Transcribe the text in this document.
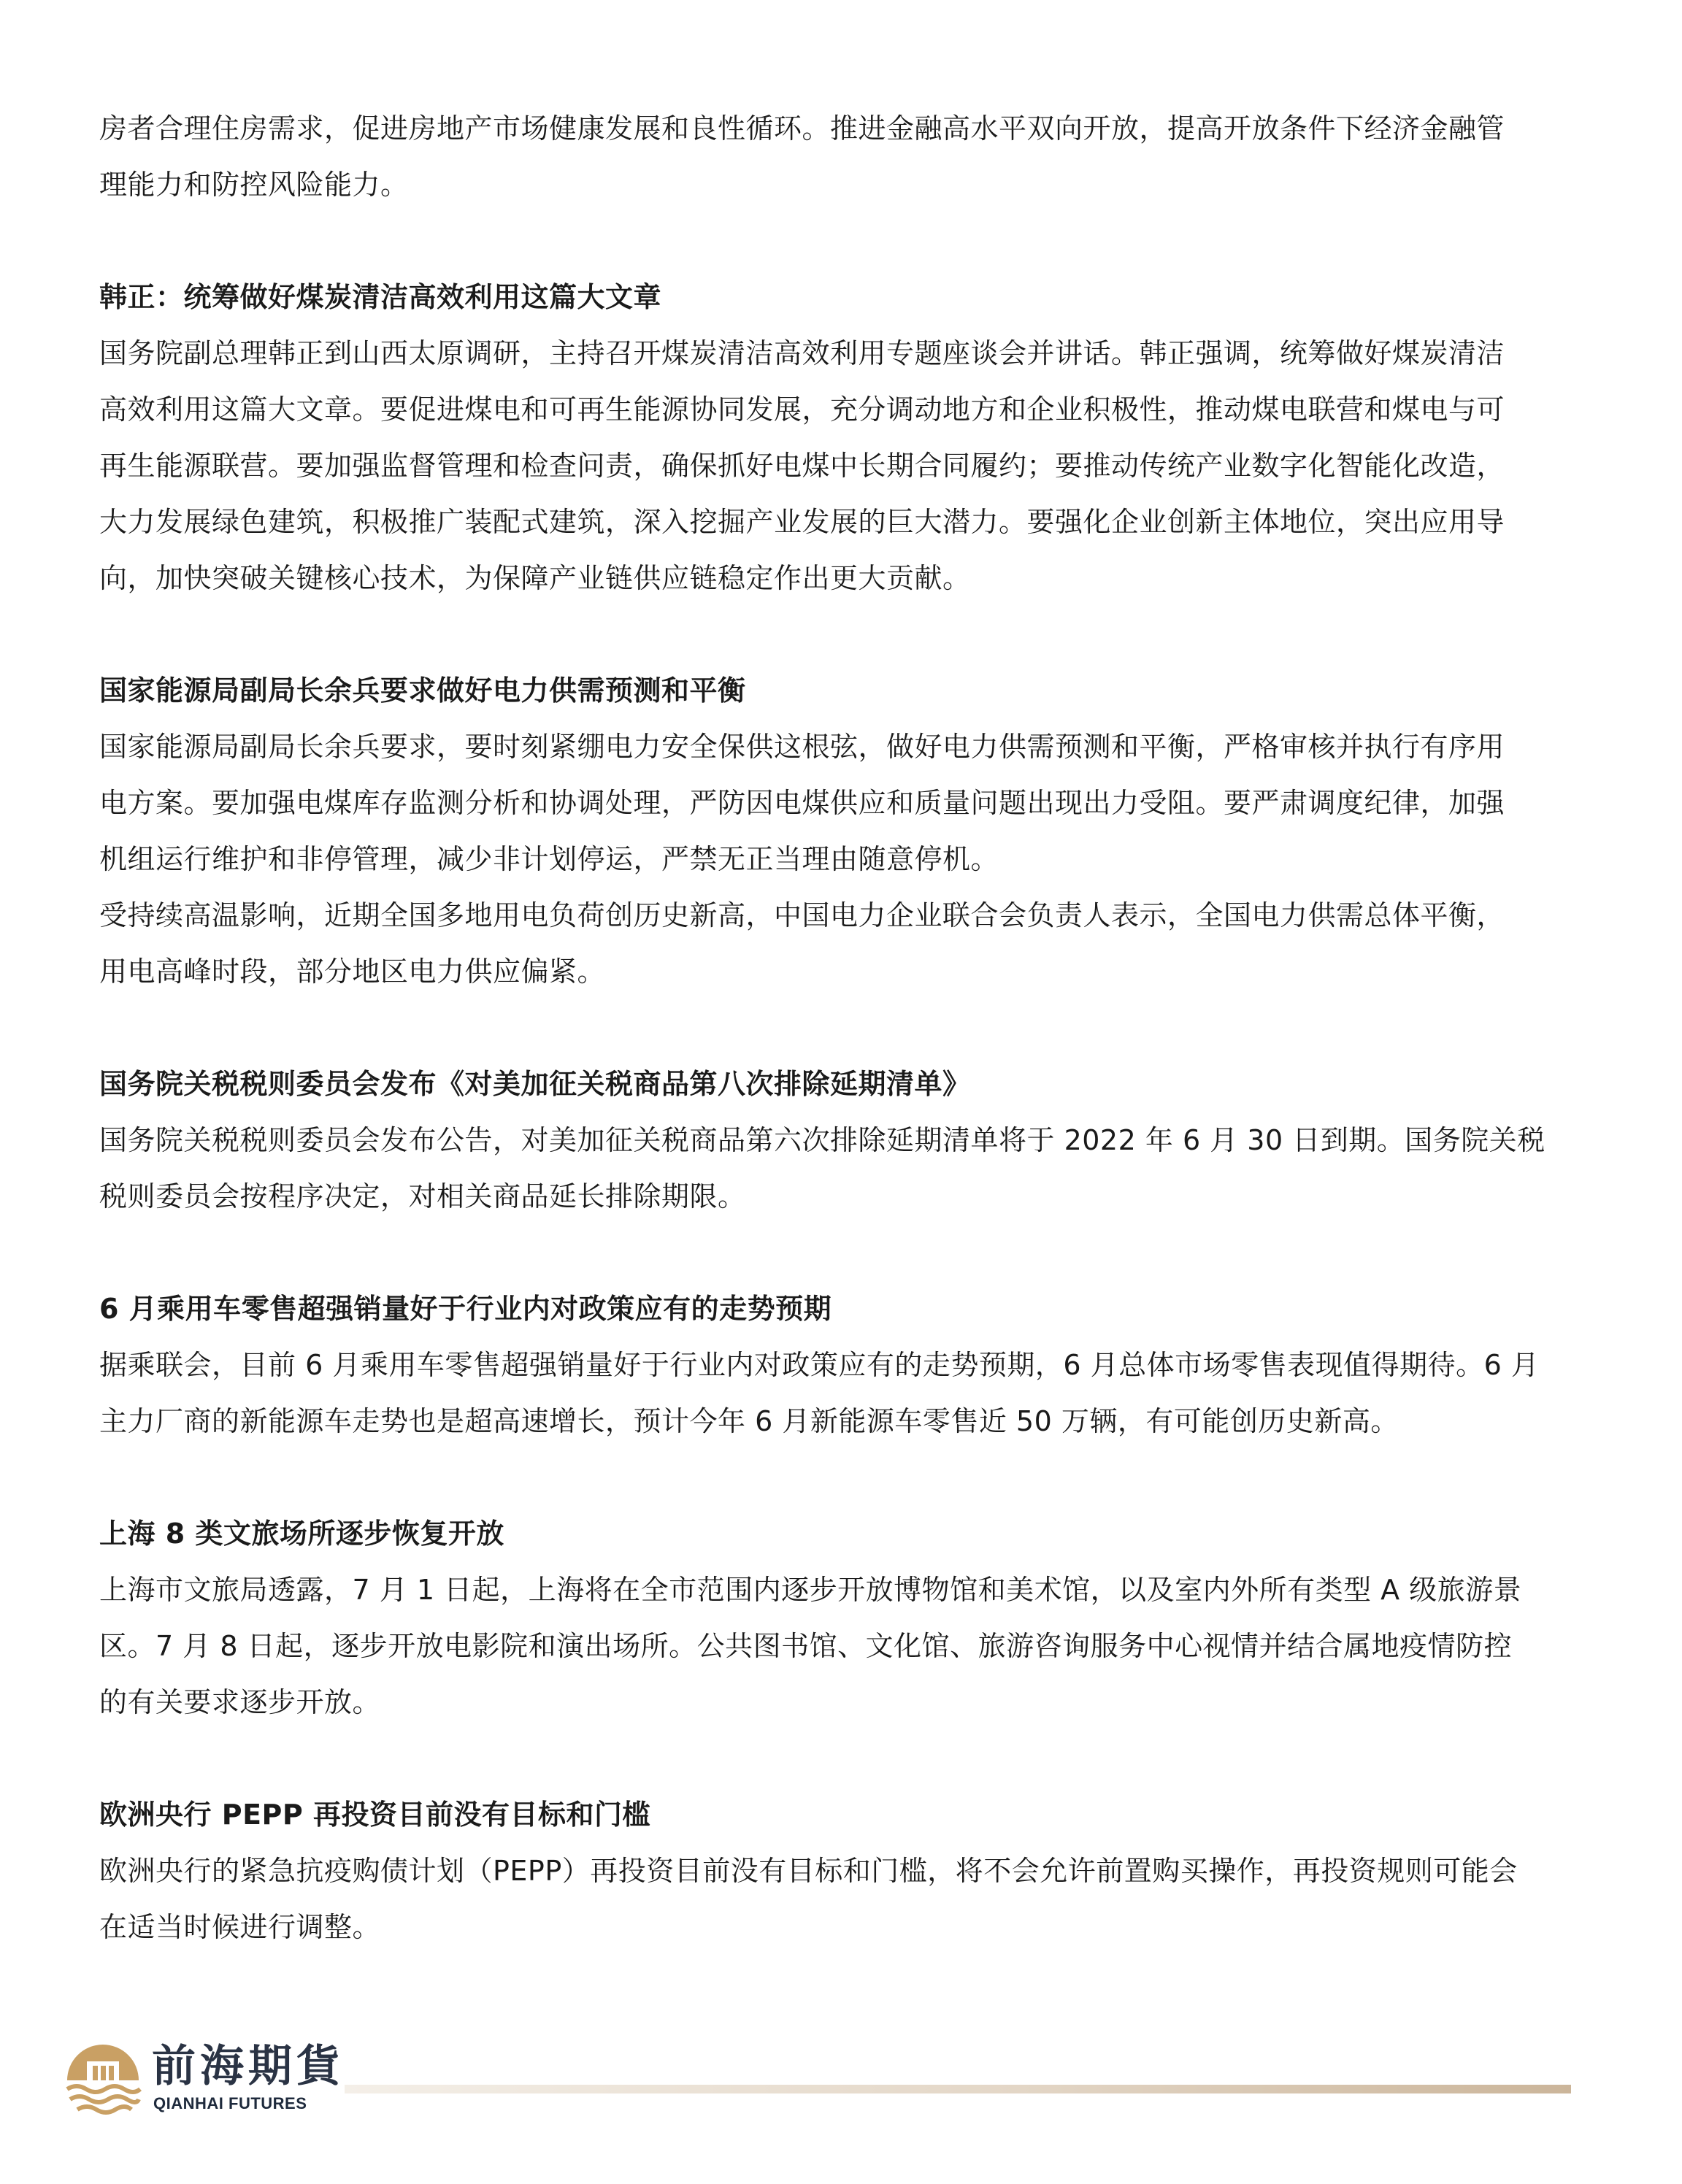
房者合理住房需求，促进房地产市场健康发展和良性循环。推进金融高水平双向开放，提高开放条件下经济金融管

理能力和防控风险能力。

韩正：统筹做好煤炭清洁高效利用这篇大文章

国务院副总理韩正到山西太原调研，主持召开煤炭清洁高效利用专题座谈会并讲话。韩正强调，统筹做好煤炭清洁

高效利用这篇大文章。要促进煤电和可再生能源协同发展，充分调动地方和企业积极性，推动煤电联营和煤电与可

再生能源联营。要加强监督管理和检查问责，确保抓好电煤中长期合同履约；要推动传统产业数字化智能化改造，

大力发展绿色建筑，积极推广装配式建筑，深入挖掘产业发展的巨大潜力。要强化企业创新主体地位，突出应用导

向，加快突破关键核心技术，为保障产业链供应链稳定作出更大贡献。

国家能源局副局长余兵要求做好电力供需预测和平衡

国家能源局副局长余兵要求，要时刻紧绷电力安全保供这根弦，做好电力供需预测和平衡，严格审核并执行有序用

电方案。要加强电煤库存监测分析和协调处理，严防因电煤供应和质量问题出现出力受阻。要严肃调度纪律，加强

机组运行维护和非停管理，减少非计划停运，严禁无正当理由随意停机。

受持续高温影响，近期全国多地用电负荷创历史新高，中国电力企业联合会负责人表示，全国电力供需总体平衡，

用电高峰时段，部分地区电力供应偏紧。

国务院关税税则委员会发布《对美加征关税商品第八次排除延期清单》

国务院关税税则委员会发布公告，对美加征关税商品第六次排除延期清单将于 2022 年 6 月 30 日到期。国务院关税

税则委员会按程序决定，对相关商品延长排除期限。

6 月乘用车零售超强销量好于行业内对政策应有的走势预期

据乘联会，目前 6 月乘用车零售超强销量好于行业内对政策应有的走势预期，6 月总体市场零售表现值得期待。6 月

主力厂商的新能源车走势也是超高速增长，预计今年 6 月新能源车零售近 50 万辆，有可能创历史新高。

上海 8 类文旅场所逐步恢复开放

上海市文旅局透露，7 月 1 日起，上海将在全市范围内逐步开放博物馆和美术馆，以及室内外所有类型 A 级旅游景

区。7 月 8 日起，逐步开放电影院和演出场所。公共图书馆、文化馆、旅游咨询服务中心视情并结合属地疫情防控

的有关要求逐步开放。

欧洲央行 PEPP 再投资目前没有目标和门槛

欧洲央行的紧急抗疫购债计划（PEPP）再投资目前没有目标和门槛，将不会允许前置购买操作，再投资规则可能会

在适当时候进行调整。

前海期貨
QIANHAI FUTURES
